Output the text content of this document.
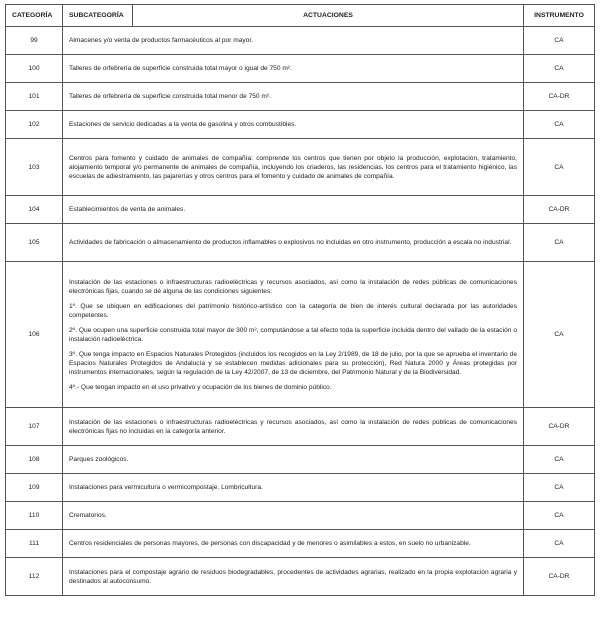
CATEGORÍA	SUBCATEGORÍA	ACTUACIONES	INSTRUMENTO
99	Almacenes y/o venta de productos farmacéuticos al por mayor.		CA
100	Talleres de orfebrería de superficie construida total mayor o igual de 750 m².		CA
101	Talleres de orfebrería de superficie construida total menor de 750 m².		CA-DR
102	Estaciones de servicio dedicadas a la venta de gasolina y otros combustibles.		CA
103	Centros para fomento y cuidado de animales de compañía: comprende los centros que tienen por objeto la producción, explotación, tratamiento, alojamiento temporal y/o permanente de animales de compañía, incluyendo los criaderos, las residencias, los centros para el tratamiento higiénico, las escuelas de adiestramiento, las pajarerías y otros centros para el fomento y cuidado de animales de compañía.		CA
104	Establecimientos de venta de animales.		CA-DR
105	Actividades de fabricación o almacenamiento de productos inflamables o explosivos no incluidas en otro instrumento, producción a escala no industrial.		CA
106	Instalación de las estaciones o infraestructuras radioeléctricas y recursos asociados, así como la instalación de redes públicas de comunicaciones electrónicas fijas, cuando se dé alguna de las condiciones siguientes:

1º. Que se ubiquen en edificaciones del patrimonio histórico-artístico con la categoría de bien de interés cultural declarada por las autoridades competentes.

2º. Que ocupen una superficie construida total mayor de 300 m², computándose a tal efecto toda la superficie incluida dentro del vallado de la estación o instalación radioeléctrica.

3º. Que tenga impacto en Espacios Naturales Protegidos (incluidos los recogidos en la Ley 2/1989, de 18 de julio, por la que se aprueba el inventario de Espacios Naturales Protegidos de Andalucía y se establecen medidas adicionales para su protección), Red Natura 2000 y Áreas protegidas por instrumentos internacionales, según la regulación de la Ley 42/2007, de 13 de diciembre, del Patrimonio Natural y de la Biodiversidad.

4º.- Que tengan impacto en el uso privativo y ocupación de los bienes de dominio público.		CA
107	Instalación de las estaciones o infraestructuras radioeléctricas y recursos asociados, así como la instalación de redes públicas de comunicaciones electrónicas fijas no incluidas en la categoría anterior.		CA-DR
108	Parques zoológicos.		CA
109	Instalaciones para vermicultura o vermicompostaje. Lombricultura.		CA
110	Crematorios.		CA
111	Centros residenciales de personas mayores, de personas con discapacidad y de menores o asimilables a estos, en suelo no urbanizable.		CA
112	Instalaciones para el compostaje agrario de residuos biodegradables, procedentes de actividades agrarias, realizado en la propia explotación agraria y destinados al autoconsumo.		CA-DR
